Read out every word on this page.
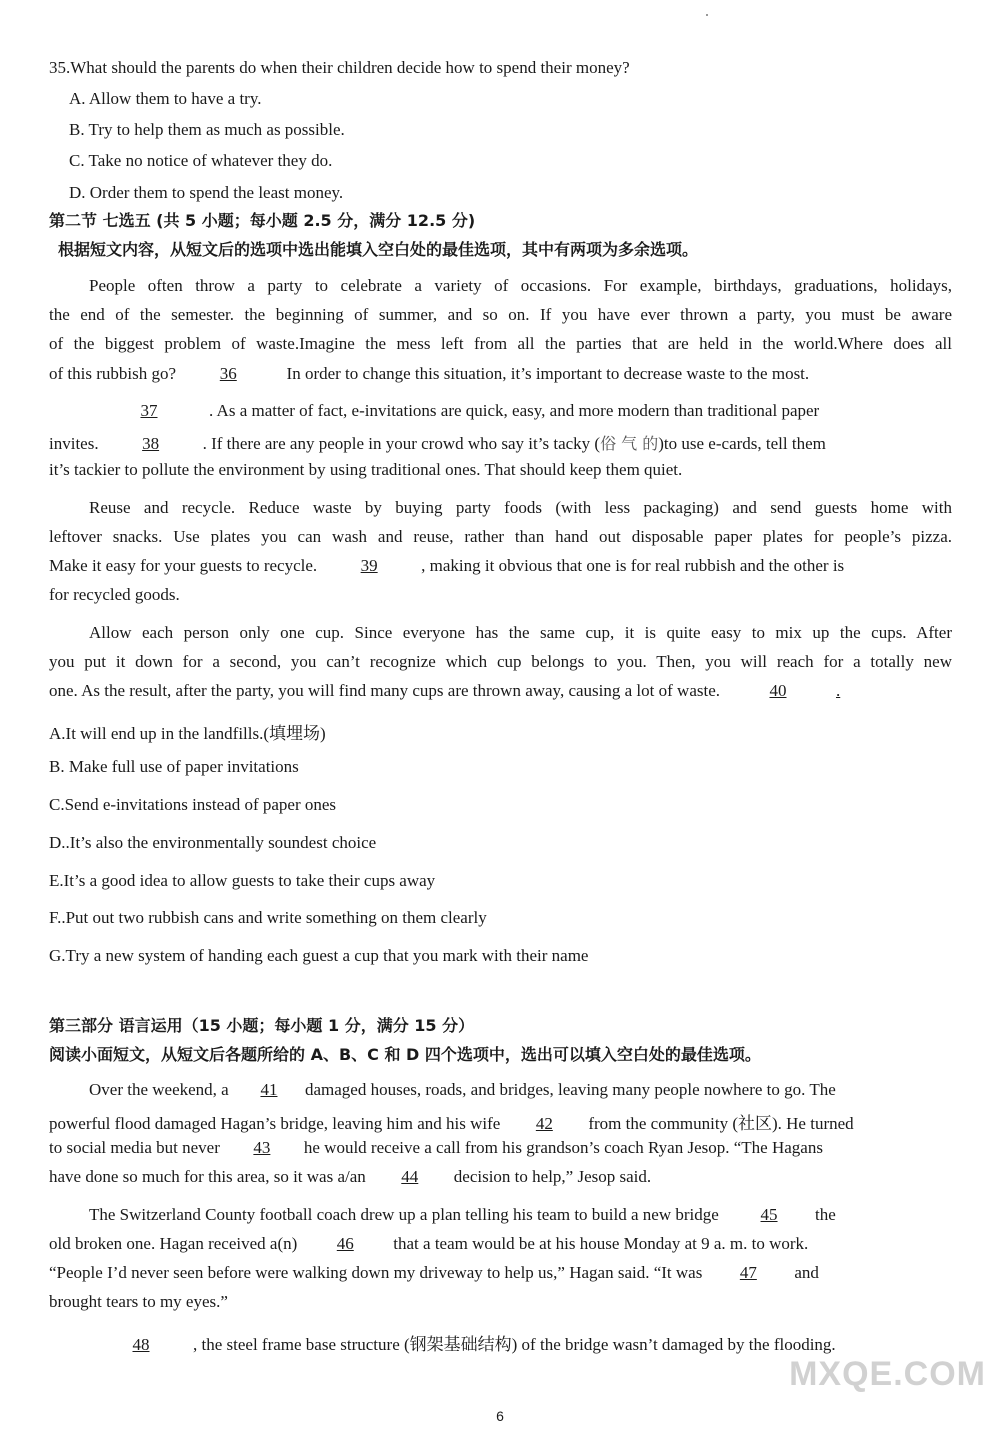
35.What should the parents do when their children decide how to spend their money?
A. Allow them to have a try.
B. Try to help them as much as possible.
C. Take no notice of whatever they do.
D. Order them to spend the least money.
第二节 七选五 (共 5 小题；每小题 2.5 分，满分 12.5 分)
根据短文内容，从短文后的选项中选出能填入空白处的最佳选项，其中有两项为多余选项。
People often throw a party to celebrate a variety of occasions. For example, birthdays, graduations, holidays,
the end of the semester. the beginning of summer, and so on. If you have ever thrown a party, you must be aware
of the biggest problem of waste.Imagine the mess left from all the parties that are held in the world.Where does all
of this rubbish go?	36	In order to change this situation, it’s important to decrease waste to the most.
37	. As a matter of fact, e-invitations are quick, easy, and more modern than traditional paper
invites.	38	. If there are any people in your crowd who say it’s tacky (俗 气 的)to use e-cards, tell them
it’s tackier to pollute the environment by using traditional ones. That should keep them quiet.
Reuse and recycle. Reduce waste by buying party foods (with less packaging) and send guests home with
leftover snacks. Use plates you can wash and reuse, rather than hand out disposable paper plates for people’s pizza.
Make it easy for your guests to recycle.	39	, making it obvious that one is for real rubbish and the other is
for recycled goods.
Allow each person only one cup. Since everyone has the same cup, it is quite easy to mix up the cups. After
you put it down for a second, you can’t recognize which cup belongs to you. Then, you will reach for a totally new
one. As the result, after the party, you will find many cups are thrown away, causing a lot of waste.	40	.
A.It will end up in the landfills.(填埋场)
B. Make full use of paper invitations
C.Send e-invitations instead of paper ones
D..It’s also the environmentally soundest choice
E.It’s a good idea to allow guests to take their cups away
F..Put out two rubbish cans and write something on them clearly
G.Try a new system of handing each guest a cup that you mark with their name
第三部分 语言运用（15 小题；每小题 1 分，满分 15 分）
阅读小面短文，从短文后各题所给的 A、B、C 和 D 四个选项中，选出可以填入空白处的最佳选项。
Over the weekend, a 41 damaged houses, roads, and bridges, leaving many people nowhere to go. The
powerful flood damaged Hagan’s bridge, leaving him and his wife 42 from the community (社区). He turned
to social media but never 43 he would receive a call from his grandson’s coach Ryan Jesop. “The Hagans
have done so much for this area, so it was a/an 44 decision to help,” Jesop said.
The Switzerland County football coach drew up a plan telling his team to build a new bridge 45 the
old broken one. Hagan received a(n) 46 that a team would be at his house Monday at 9 a. m. to work.
“People I’d never seen before were walking down my driveway to help us,” Hagan said. “It was 47 and
brought tears to my eyes.”
48	, the steel frame base structure (钢架基础结构) of the bridge wasn’t damaged by the flooding.
6
MXQE.COM
